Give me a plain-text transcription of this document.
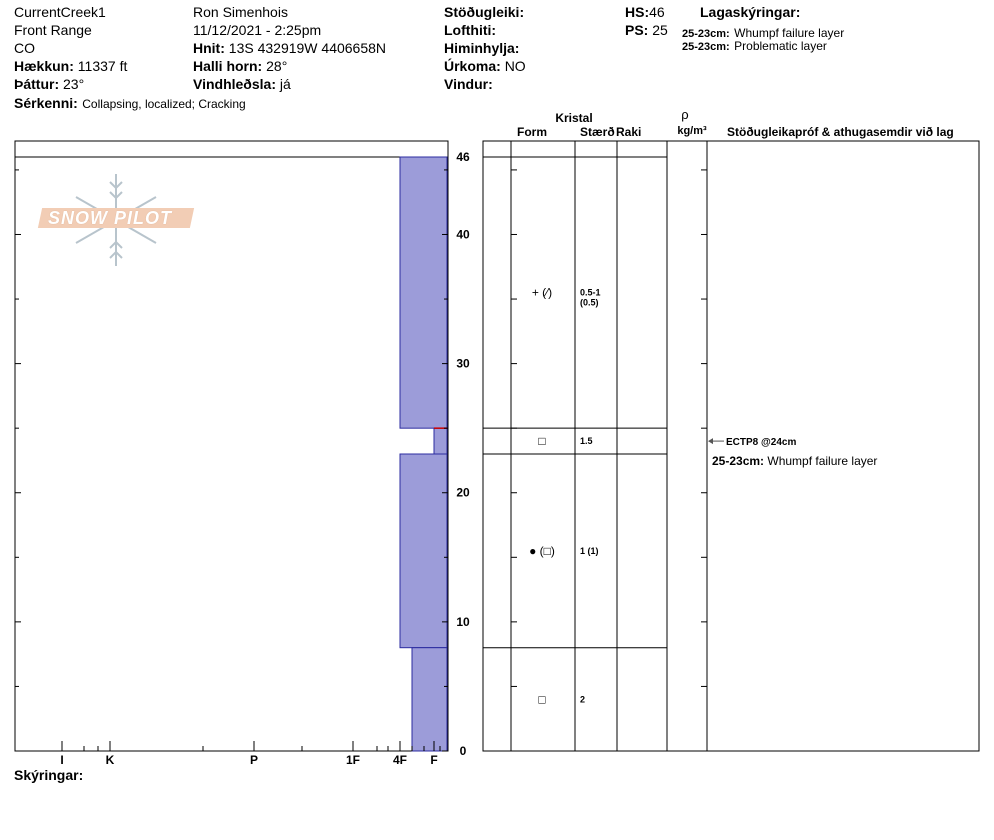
CurrentCreek1
Front Range
CO
Hækkun: 11337 ft
Þáttur: 23°
Sérkenni: Collapsing, localized; Cracking
Ron Simenhois
11/12/2021 - 2:25pm
Hnit: 13S 432919W 4406658N
Halli horn: 28°
Vindhleðsla: já
Stöðugleiki:
Lofthiti:
Himinhylja:
Úrkoma: NO
Vindur:
HS:46
PS: 25
Lagaskýringar:
25-23cm: Whumpf failure layer
25-23cm: Problematic layer
Skýringar:
SNOW PILOT
I	K	P	1F	4F F
0
10
20
30
40
46
+ (⁄)	0.5-1
(0.5)
□	1.5
● (□)	1 (1)
□	2
ECTP8 @24cm
25-23cm: Whumpf failure layer
Kristal
Form	Stærð Raki
ρ
kg/m³ Stöðugleikapróf & athugasemdir við lag
